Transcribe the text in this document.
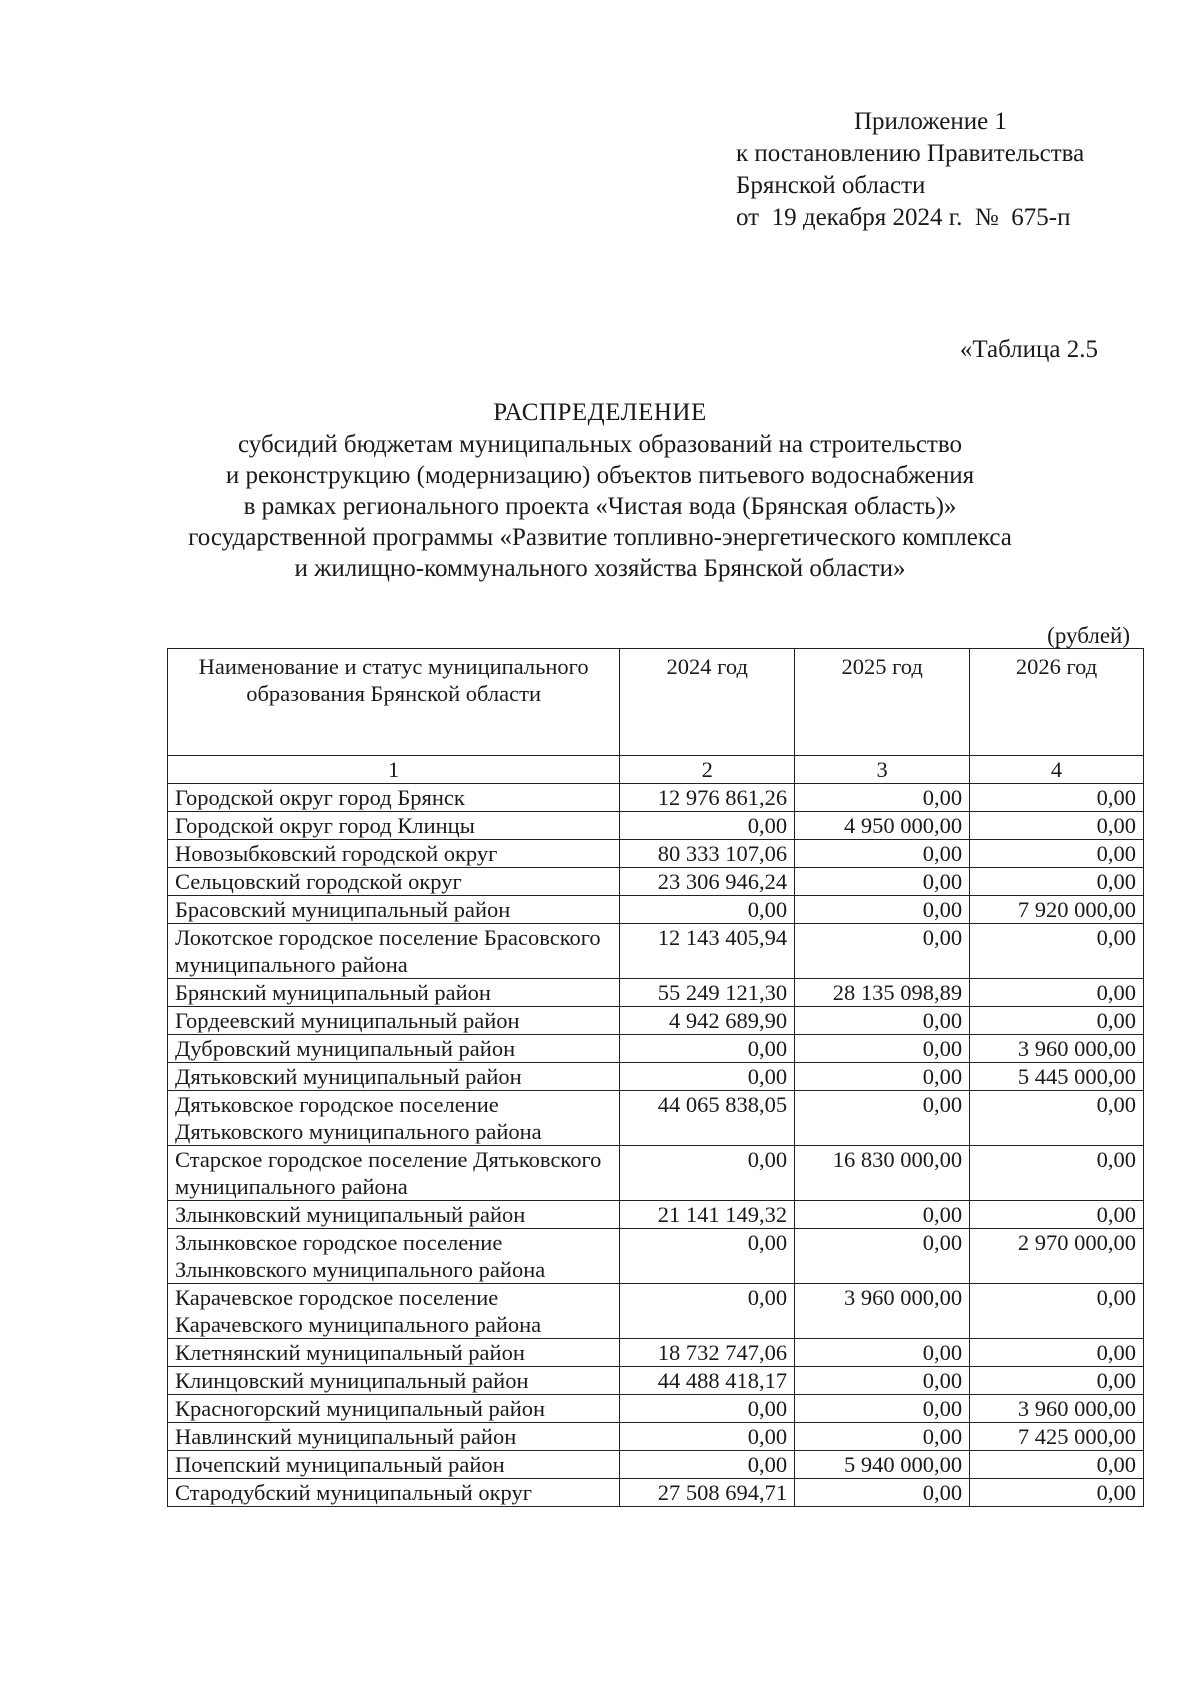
Приложение 1
к постановлению Правительства
Брянской области
от  19 декабря 2024 г.  №  675-п
«Таблица 2.5
РАСПРЕДЕЛЕНИЕ
субсидий бюджетам муниципальных образований на строительство
и реконструкцию (модернизацию) объектов питьевого водоснабжения
в рамках регионального проекта «Чистая вода (Брянская область)»
государственной программы «Развитие топливно-энергетического комплекса
и жилищно-коммунального хозяйства Брянской области»
(рублей)
Наименование и статус муниципального образования Брянской области	2024 год	2025 год	2026 год
1	2	3	4
Городской округ город Брянск	12 976 861,26	0,00	0,00
Городской округ город Клинцы	0,00	4 950 000,00	0,00
Новозыбковский городской округ	80 333 107,06	0,00	0,00
Сельцовский городской округ	23 306 946,24	0,00	0,00
Брасовский муниципальный район	0,00	0,00	7 920 000,00
Локотское городское поселение Брасовского муниципального района	12 143 405,94	0,00	0,00
Брянский муниципальный район	55 249 121,30	28 135 098,89	0,00
Гордеевский муниципальный район	4 942 689,90	0,00	0,00
Дубровский муниципальный район	0,00	0,00	3 960 000,00
Дятьковский муниципальный район	0,00	0,00	5 445 000,00
Дятьковское городское поселение Дятьковского муниципального района	44 065 838,05	0,00	0,00
Старское городское поселение Дятьковского муниципального района	0,00	16 830 000,00	0,00
Злынковский муниципальный район	21 141 149,32	0,00	0,00
Злынковское городское поселение Злынковского муниципального района	0,00	0,00	2 970 000,00
Карачевское городское поселение Карачевского муниципального района	0,00	3 960 000,00	0,00
Клетнянский муниципальный район	18 732 747,06	0,00	0,00
Клинцовский муниципальный район	44 488 418,17	0,00	0,00
Красногорский муниципальный район	0,00	0,00	3 960 000,00
Навлинский муниципальный район	0,00	0,00	7 425 000,00
Почепский муниципальный район	0,00	5 940 000,00	0,00
Стародубский муниципальный округ	27 508 694,71	0,00	0,00
